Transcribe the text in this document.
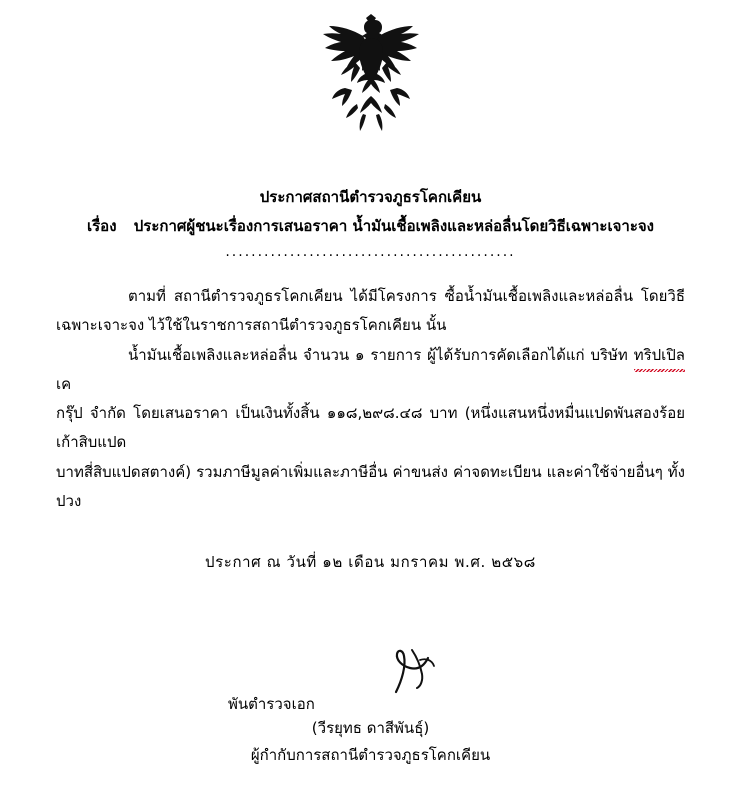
ประกาศสถานีตำรวจภูธรโคกเคียน
เรื่อง ประกาศผู้ชนะเรื่องการเสนอราคา น้ำมันเชื้อเพลิงและหล่อลื่นโดยวิธีเฉพาะเจาะจง
.............................................

ตามที่ สถานีตำรวจภูธรโคกเคียน ได้มีโครงการ ซื้อน้ำมันเชื้อเพลิงและหล่อลื่น โดยวิธีเฉพาะเจาะจง ไว้ใช้ในราชการสถานีตำรวจภูธรโคกเคียน นั้น

น้ำมันเชื้อเพลิงและหล่อลื่น จำนวน ๑ รายการ ผู้ได้รับการคัดเลือกได้แก่ บริษัท ทริปเปิล เค
กรุ๊ป จำกัด โดยเสนอราคา เป็นเงินทั้งสิ้น ๑๑๘,๒๙๘.๔๘ บาท (หนึ่งแสนหนึ่งหมื่นแปดพันสองร้อยเก้าสิบแปด
บาทสี่สิบแปดสตางค์) รวมภาษีมูลค่าเพิ่มและภาษีอื่น ค่าขนส่ง ค่าจดทะเบียน และค่าใช้จ่ายอื่นๆ ทั้งปวง

ประกาศ ณ วันที่ ๑๒ เดือน มกราคม พ.ศ. ๒๕๖๘
พันตำรวจเอก
(วีรยุทธ ดาสีพันธุ์)
ผู้กำกับการสถานีตำรวจภูธรโคกเคียน
